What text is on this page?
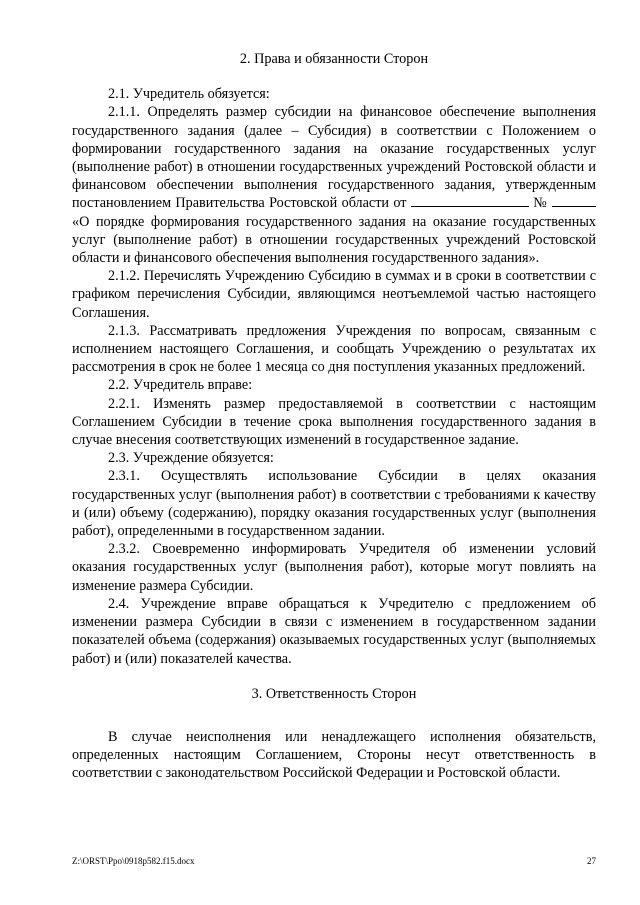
2. Права и обязанности Сторон

2.1. Учредитель обязуется:

2.1.1. Определять размер субсидии на финансовое обеспечение выполнения государственного задания (далее – Субсидия) в соответствии с Положением о формировании государственного задания на оказание государственных услуг (выполнение работ) в отношении государственных учреждений Ростовской области и финансовом обеспечении выполнения государственного задания, утвержденным постановлением Правительства Ростовской области от	№  «О порядке формирования государственного задания на оказание государственных услуг (выполнение работ) в отношении государственных учреждений Ростовской области и финансового обеспечения выполнения государственного задания».

2.1.2. Перечислять Учреждению Субсидию в суммах и в сроки в соответствии с графиком перечисления Субсидии, являющимся неотъемлемой частью настоящего Соглашения.

2.1.3. Рассматривать предложения Учреждения по вопросам, связанным с исполнением настоящего Соглашения, и сообщать Учреждению о результатах их рассмотрения в срок не более 1 месяца со дня поступления указанных предложений.

2.2. Учредитель вправе:

2.2.1. Изменять размер предоставляемой в соответствии с настоящим Соглашением Субсидии в течение срока выполнения государственного задания в случае внесения соответствующих изменений в государственное задание.

2.3. Учреждение обязуется:

2.3.1. Осуществлять использование Субсидии в целях оказания государственных услуг (выполнения работ) в соответствии с требованиями к качеству и (или) объему (содержанию), порядку оказания государственных услуг (выполнения работ), определенными в государственном задании.

2.3.2. Своевременно информировать Учредителя об изменении условий оказания государственных услуг (выполнения работ), которые могут повлиять на изменение размера Субсидии.

2.4. Учреждение вправе обращаться к Учредителю с предложением об изменении размера Субсидии в связи с изменением в государственном задании показателей объема (содержания) оказываемых государственных услуг (выполняемых работ) и (или) показателей качества.

3. Ответственность Сторон

В случае неисполнения или ненадлежащего исполнения обязательств, определенных настоящим Соглашением, Стороны несут ответственность в соответствии с законодательством Российской Федерации и Ростовской области.

Z:\ORST\Ppo\0918p582.f15.docx	27
